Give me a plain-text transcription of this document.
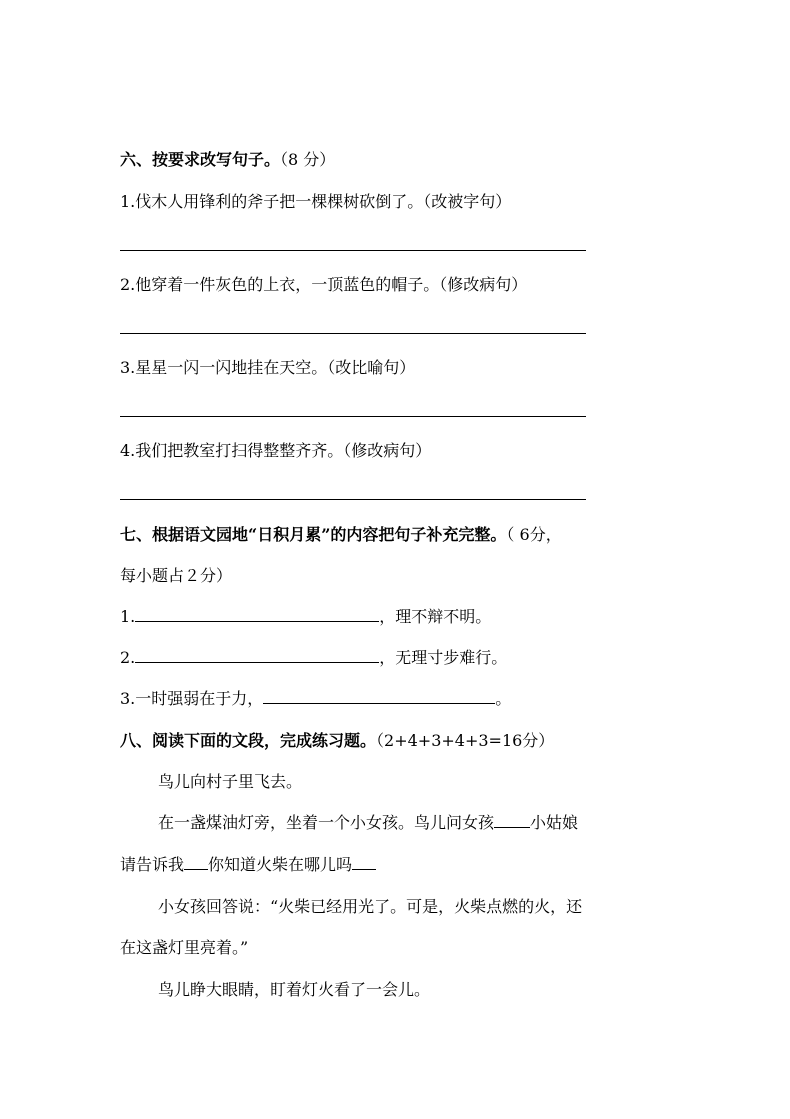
六、按要求改写句子。（8 分）
1.伐木人用锋利的斧子把一棵棵树砍倒了。（改被字句）
2.他穿着一件灰色的上衣，一顶蓝色的帽子。（修改病句）
3.星星一闪一闪地挂在天空。（改比喻句）
4.我们把教室打扫得整整齐齐。（修改病句）
七、根据语文园地“日积月累”的内容把句子补充完整。（ 6分，
每小题占２分）
1.	，理不辩不明。
2.	，无理寸步难行。
3.一时强弱在于力，	。
八、阅读下面的文段，完成练习题。（2+4+3+4+3=16分）
鸟儿向村子里飞去。
在一盏煤油灯旁，坐着一个小女孩。鸟儿问女孩 小姑娘
请告诉我 你知道火柴在哪儿吗
小女孩回答说：“火柴已经用光了。可是，火柴点燃的火，还
在这盏灯里亮着。”
鸟儿睁大眼睛，盯着灯火看了一会儿。
